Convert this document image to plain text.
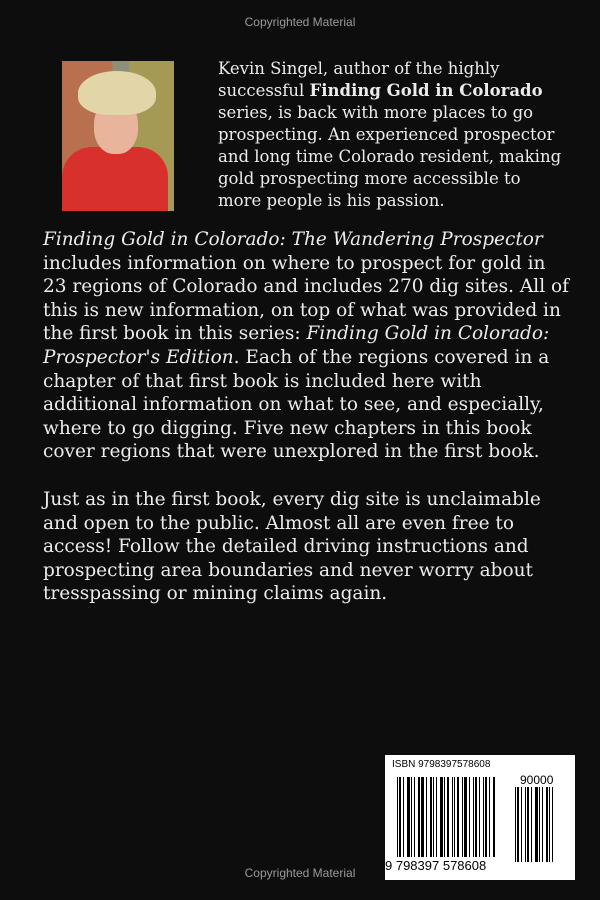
Copyrighted Material
Kevin Singel, author of the highly
successful Finding Gold in Colorado
series, is back with more places to go
prospecting. An experienced prospector
and long time Colorado resident, making
gold prospecting more accessible to
more people is his passion.
Finding Gold in Colorado: The Wandering Prospector
includes information on where to prospect for gold in
23 regions of Colorado and includes 270 dig sites. All of
this is new information, on top of what was provided in
the first book in this series: Finding Gold in Colorado:
Prospector's Edition. Each of the regions covered in a
chapter of that first book is included here with
additional information on what to see, and especially,
where to go digging. Five new chapters in this book
cover regions that were unexplored in the first book.
Just as in the first book, every dig site is unclaimable
and open to the public. Almost all are even free to
access! Follow the detailed driving instructions and
prospecting area boundaries and never worry about
tresspassing or mining claims again.
ISBN 9798397578608
90000
9 798397 578608
Copyrighted Material
